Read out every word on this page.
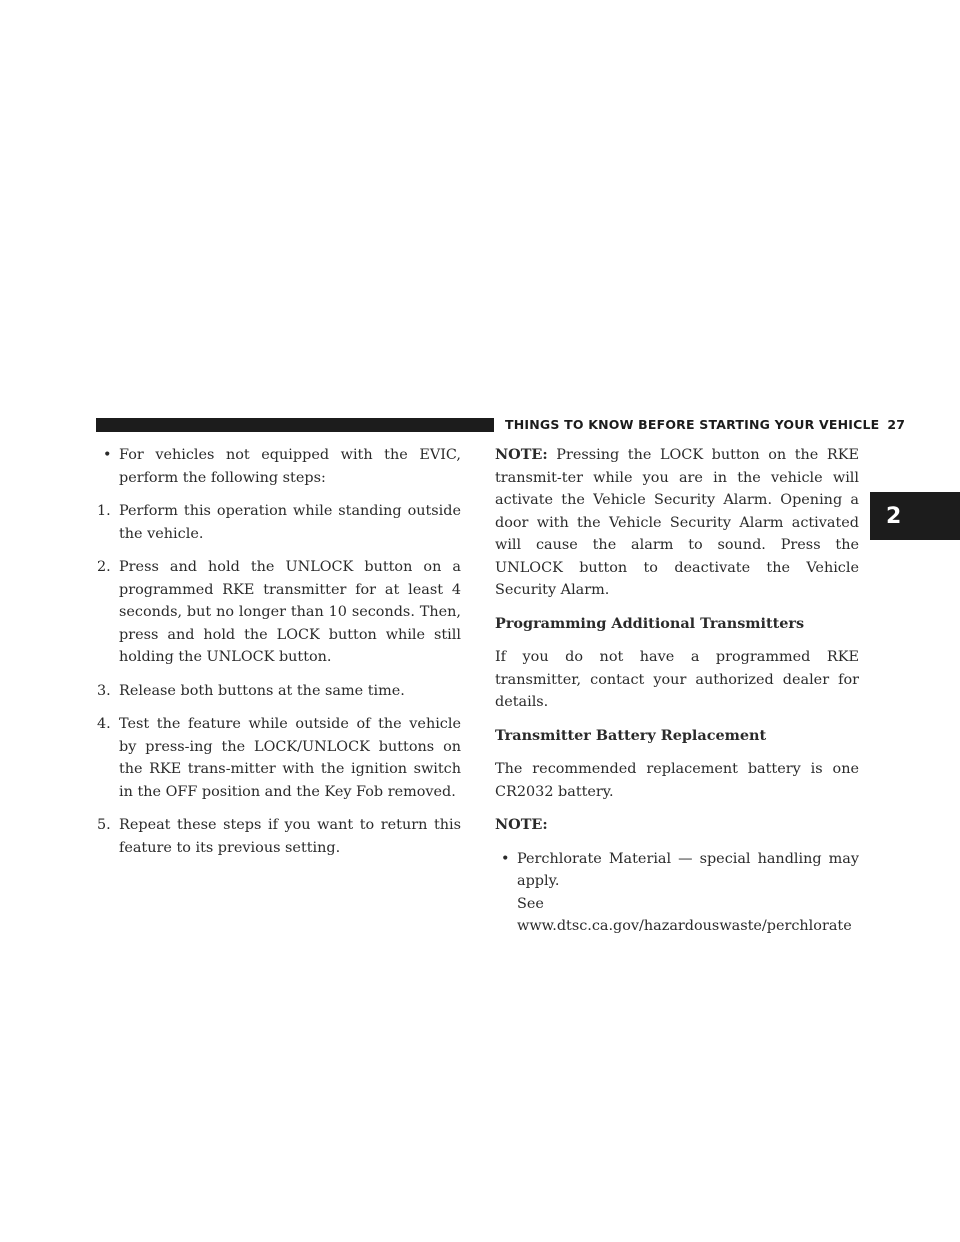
THINGS TO KNOW BEFORE STARTING YOUR VEHICLE 27
2
• For vehicles not equipped with the EVIC, perform the following steps:
1. Perform this operation while standing outside the vehicle.
2. Press and hold the UNLOCK button on a programmed RKE transmitter for at least 4 seconds, but no longer than 10 seconds. Then, press and hold the LOCK button while still holding the UNLOCK button.
3. Release both buttons at the same time.
4. Test the feature while outside of the vehicle by press-ing the LOCK/UNLOCK buttons on the RKE trans-mitter with the ignition switch in the OFF position and the Key Fob removed.
5. Repeat these steps if you want to return this feature to its previous setting.

NOTE: Pressing the LOCK button on the RKE transmit-ter while you are in the vehicle will activate the Vehicle Security Alarm. Opening a door with the Vehicle Security Alarm activated will cause the alarm to sound. Press the UNLOCK button to deactivate the Vehicle Security Alarm.

Programming Additional Transmitters

If you do not have a programmed RKE transmitter, contact your authorized dealer for details.

Transmitter Battery Replacement

The recommended replacement battery is one CR2032 battery.

NOTE:

• Perchlorate Material — special handling may apply.
See www.dtsc.ca.gov/hazardouswaste/perchlorate
